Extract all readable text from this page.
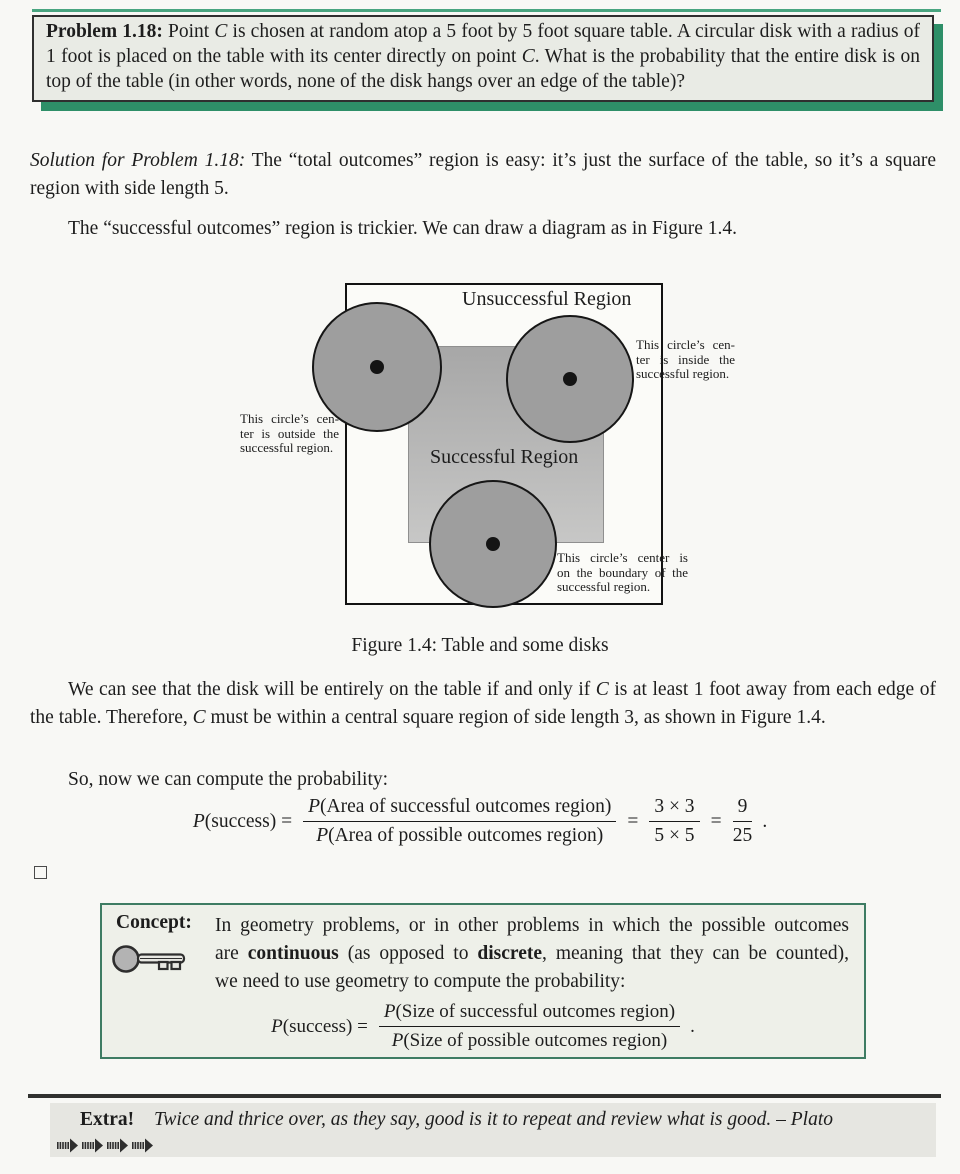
Problem 1.18: Point C is chosen at random atop a 5 foot by 5 foot square table. A circular disk with a radius of 1 foot is placed on the table with its center directly on point C. What is the probability that the entire disk is on top of the table (in other words, none of the disk hangs over an edge of the table)?
Solution for Problem 1.18: The “total outcomes” region is easy: it’s just the surface of the table, so it’s a square region with side length 5.
The “successful outcomes” region is trickier. We can draw a diagram as in Figure 1.4.
Unsuccessful Region
Successful Region
This circle’s cen-
ter is outside the
successful region.
This circle’s cen-
ter is inside the
successful region.
This circle’s center is
on the boundary of the
successful region.
Figure 1.4: Table and some disks
We can see that the disk will be entirely on the table if and only if C is at least 1 foot away from each edge of the table. Therefore, C must be within a central square region of side length 3, as shown in Figure 1.4.
So, now we can compute the probability:
P(success) = $\frac{\text{P(Area of successful outcomes region)}}{\text{P(Area of possible outcomes region)}} = \frac{3 \times 3}{5 \times 5} = \frac{9}{25}$ .
Concept: In geometry problems, or in other problems in which the possible outcomes
are continuous (as opposed to discrete, meaning that they can be counted),
we need to use geometry to compute the probability:
P(success) = $\frac{\text{P(Size of successful outcomes region)}}{\text{P(Size of possible outcomes region)}}$ .
Extra! Twice and thrice over, as they say, good is it to repeat and review what is good. – Plato
